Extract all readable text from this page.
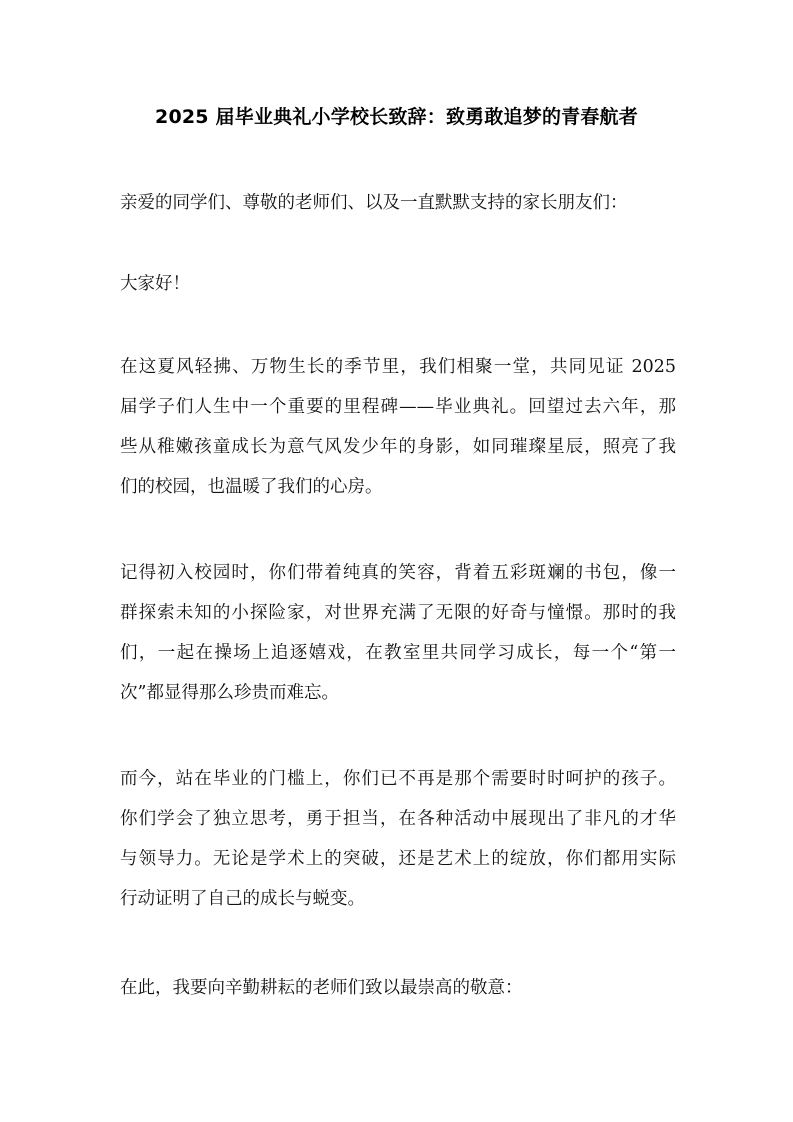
2025 届毕业典礼小学校长致辞：致勇敢追梦的青春航者
亲爱的同学们、尊敬的老师们、以及一直默默支持的家长朋友们：
大家好！
在这夏风轻拂、万物生长的季节里，我们相聚一堂，共同见证 2025
届学子们人生中一个重要的里程碑——毕业典礼。回望过去六年，那
些从稚嫩孩童成长为意气风发少年的身影，如同璀璨星辰，照亮了我
们的校园，也温暖了我们的心房。
记得初入校园时，你们带着纯真的笑容，背着五彩斑斓的书包，像一
群探索未知的小探险家，对世界充满了无限的好奇与憧憬。那时的我
们，一起在操场上追逐嬉戏，在教室里共同学习成长，每一个“第一
次”都显得那么珍贵而难忘。
而今，站在毕业的门槛上，你们已不再是那个需要时时呵护的孩子。
你们学会了独立思考，勇于担当，在各种活动中展现出了非凡的才华
与领导力。无论是学术上的突破，还是艺术上的绽放，你们都用实际
行动证明了自己的成长与蜕变。
在此，我要向辛勤耕耘的老师们致以最崇高的敬意：
